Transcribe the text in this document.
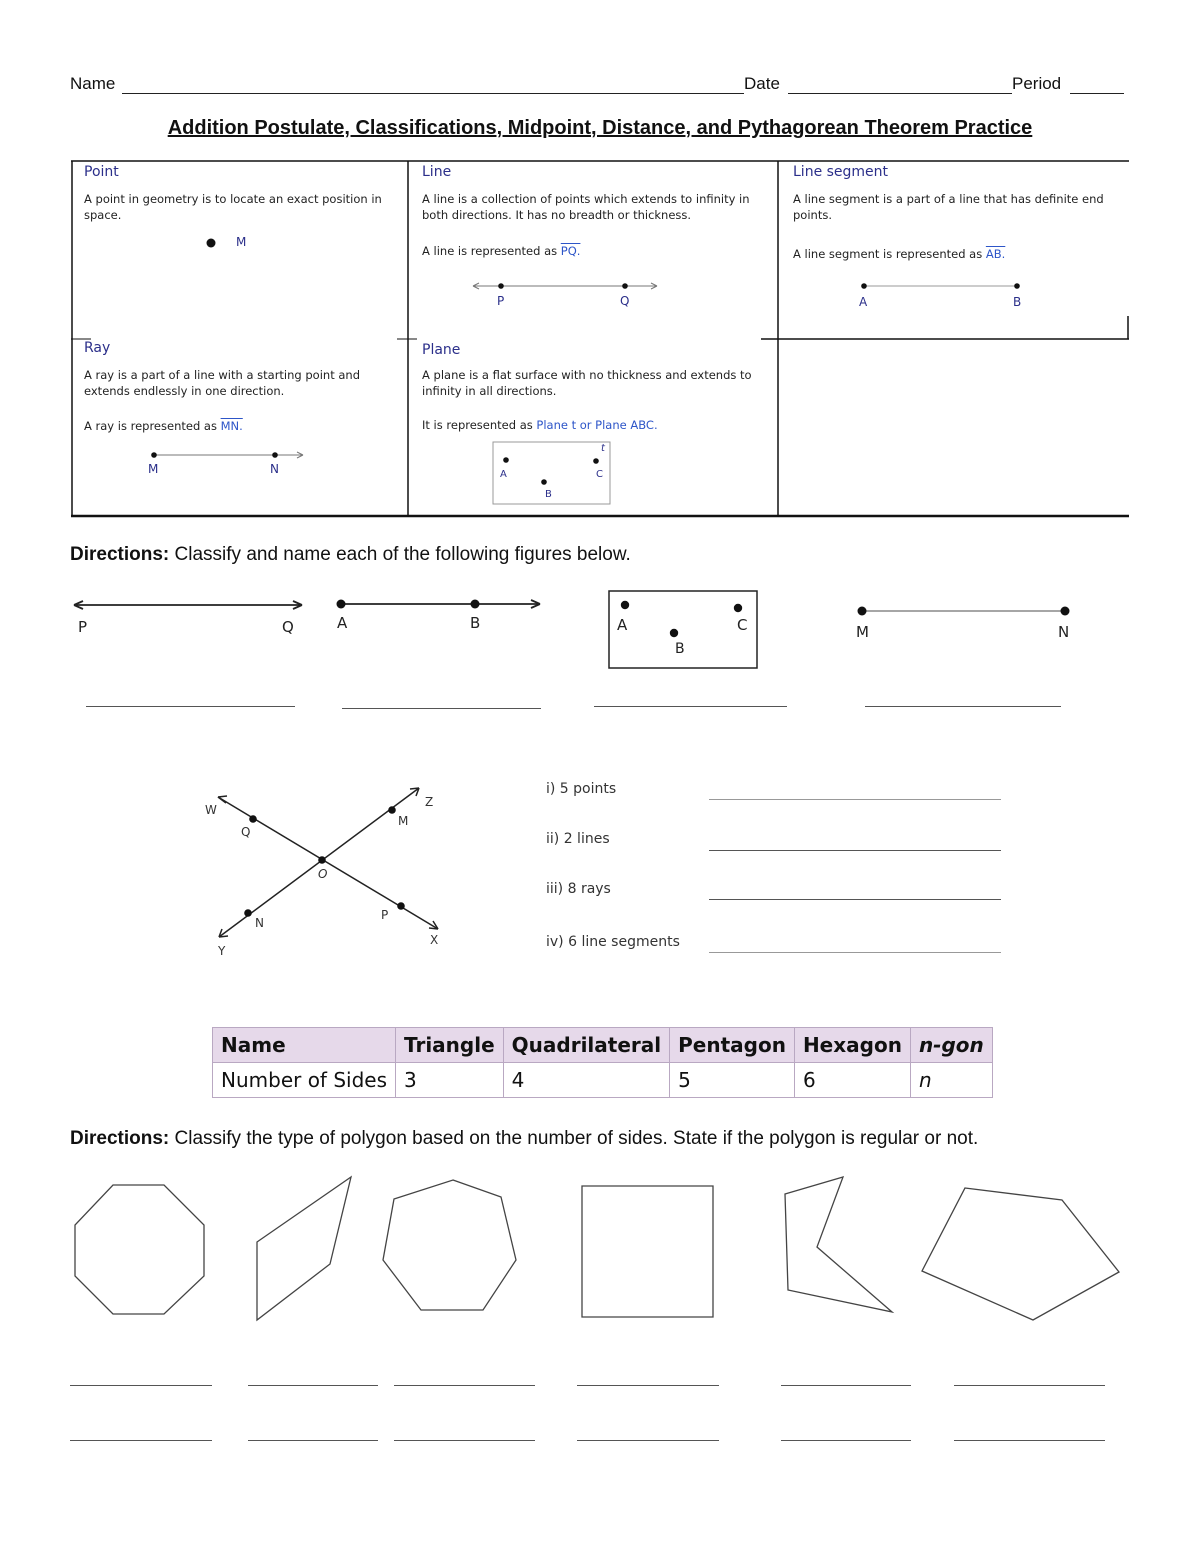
Name	Date	Period
Addition Postulate, Classifications, Midpoint, Distance, and Pythagorean Theorem Practice
Point
A point in geometry is to locate an exact position in space.
M
Line
A line is a collection of points which extends to infinity in both directions. It has no breadth or thickness.
A line is represented as PQ.
P	Q
Line segment
A line segment is a part of a line that has definite end points.
A line segment is represented as AB.
A	B
Ray
A ray is a part of a line with a starting point and extends endlessly in one direction.
A ray is represented as MN.
M	N
Plane
A plane is a flat surface with no thickness and extends to infinity in all directions.
It is represented as Plane t or Plane ABC.
A
B
C
t
Directions: Classify and name each of the following figures below.
P	Q	A	B	A
B
C	M	N
W
Q
Z
M
O
N
P
Y
X
i) 5 points
ii) 2 lines
iii) 8 rays
iv) 6 line segments
Name	Triangle	Quadrilateral	Pentagon	Hexagon	n-gon
Number of Sides	3	4	5	6	n
Directions: Classify the type of polygon based on the number of sides. State if the polygon is regular or not.
